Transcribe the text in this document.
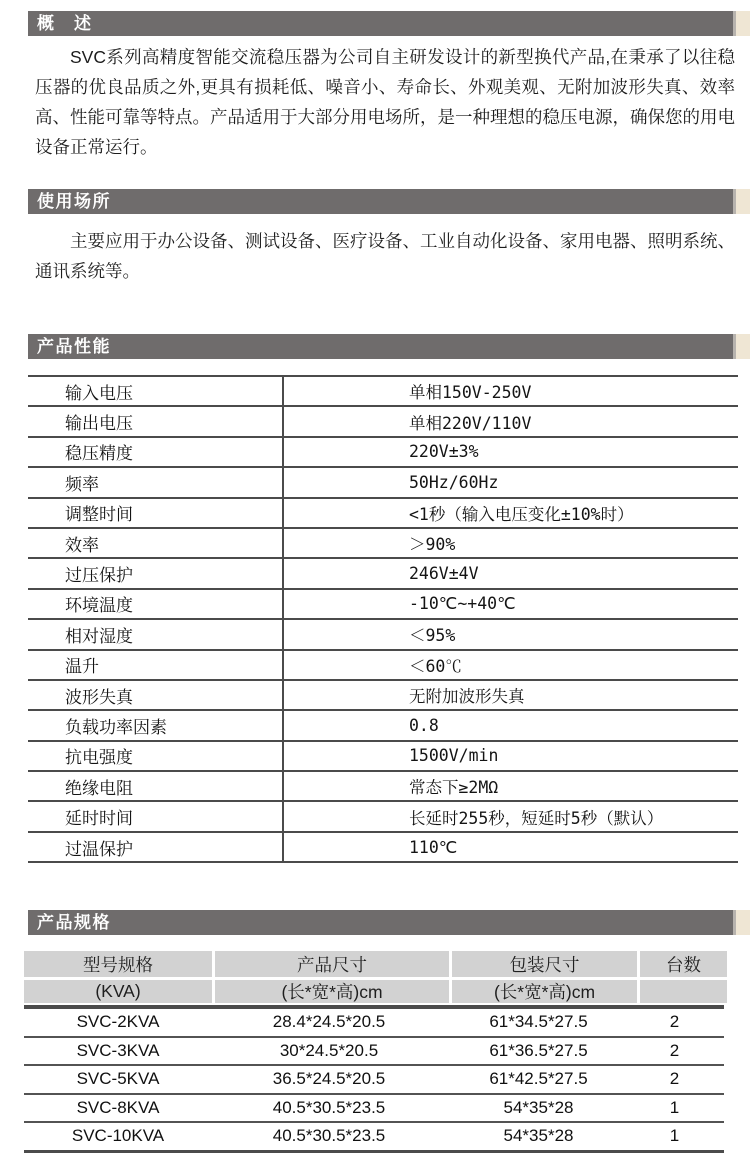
概　述

SVC系列高精度智能交流稳压器为公司自主研发设计的新型换代产品,在秉承了以往稳压器的优良品质之外,更具有损耗低、噪音小、寿命长、外观美观、无附加波形失真、效率高、性能可靠等特点。产品适用于大部分用电场所，是一种理想的稳压电源，确保您的用电设备正常运行。

使用场所

主要应用于办公设备、测试设备、医疗设备、工业自动化设备、家用电器、照明系统、通讯系统等。

产品性能
输入电压	单相150V-250V
输出电压	单相220V/110V
稳压精度	220V±3%
频率	50Hz/60Hz
调整时间	<1秒（输入电压变化±10%时）
效率	＞90%
过压保护	246V±4V
环境温度	-10℃~+40℃
相对湿度	＜95%
温升	＜60℃
波形失真	无附加波形失真
负载功率因素	0.8
抗电强度	1500V/min
绝缘电阻	常态下≥2MΩ
延时时间	长延时255秒，短延时5秒（默认）
过温保护	110℃
产品规格
型号规格	产品尺寸	包装尺寸	台数
(KVA)	(长*宽*高)cm	(长*宽*高)cm
SVC-2KVA	28.4*24.5*20.5	61*34.5*27.5	2
SVC-3KVA	30*24.5*20.5	61*36.5*27.5	2
SVC-5KVA	36.5*24.5*20.5	61*42.5*27.5	2
SVC-8KVA	40.5*30.5*23.5	54*35*28	1
SVC-10KVA	40.5*30.5*23.5	54*35*28	1
